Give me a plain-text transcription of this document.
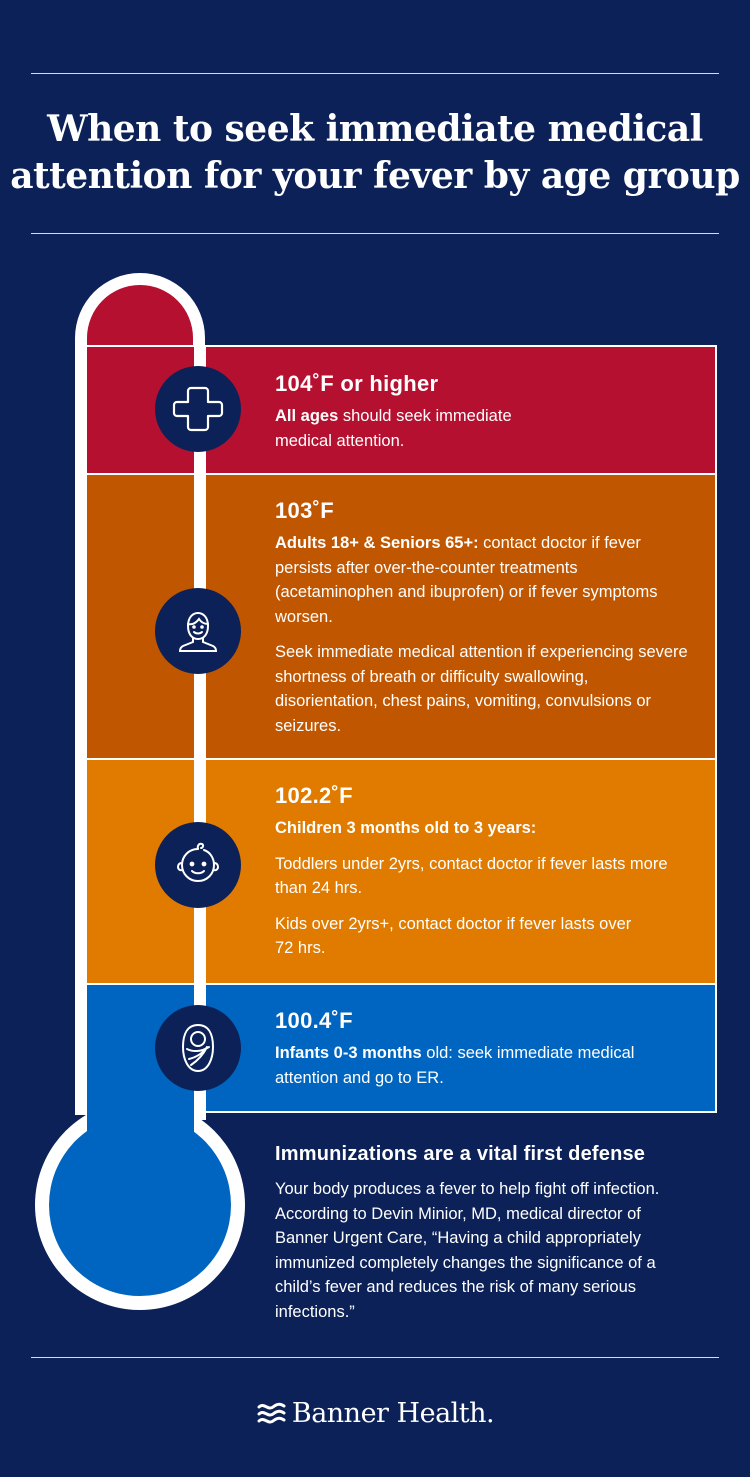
When to seek immediate medical
attention for your fever by age group
104˚F or higher
All ages should seek immediate medical attention.
103˚F
Adults 18+ & Seniors 65+: contact doctor if fever persists after over-the-counter treatments (acetaminophen and ibuprofen) or if fever symptoms worsen.
Seek immediate medical attention if experiencing severe shortness of breath or difficulty swallowing, disorientation, chest pains, vomiting, convulsions or seizures.
102.2˚F
Children 3 months old to 3 years:
Toddlers under 2yrs, contact doctor if fever lasts more than 24 hrs.
Kids over 2yrs+, contact doctor if fever lasts over 72 hrs.
100.4˚F
Infants 0-3 months old: seek immediate medical attention and go to ER.
Immunizations are a vital first defense
Your body produces a fever to help fight off infection. According to Devin Minior, MD, medical director of Banner Urgent Care, “Having a child appropriately immunized completely changes the significance of a child’s fever and reduces the risk of many serious infections.”
Banner Health.
